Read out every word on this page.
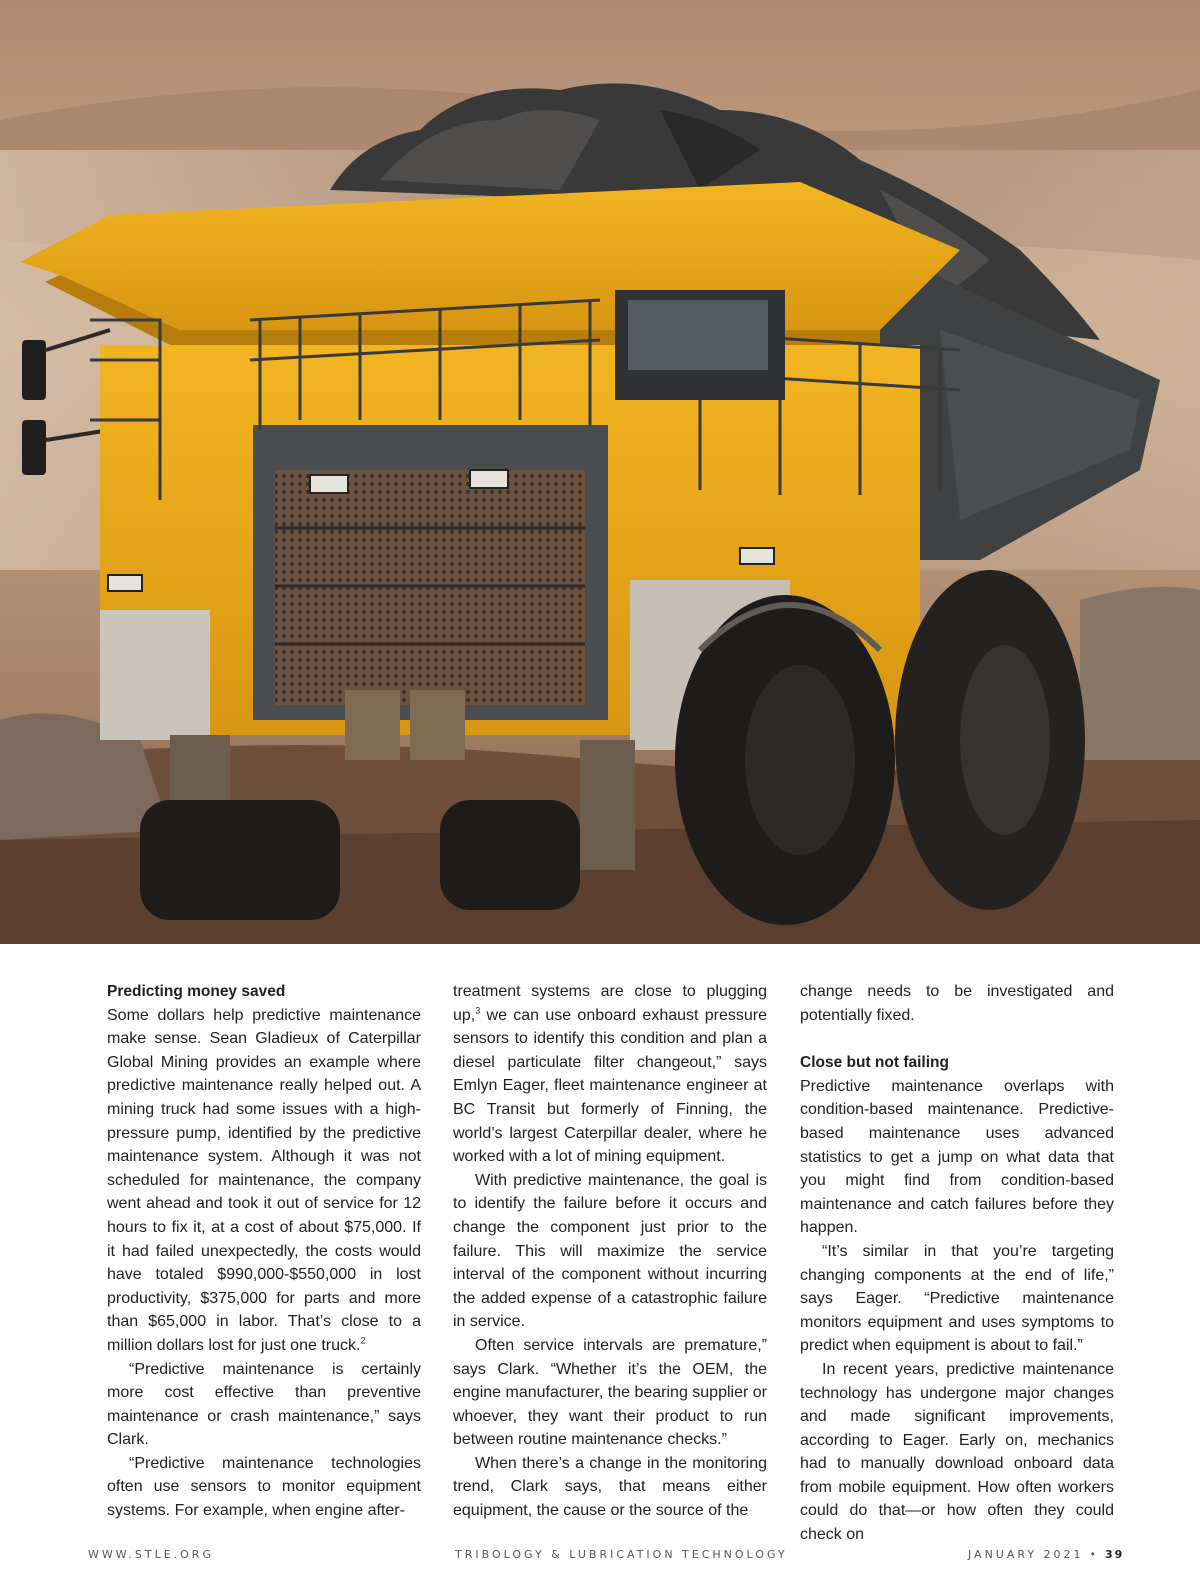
Predicting money saved

Some dollars help predictive maintenance make sense. Sean Gladieux of Caterpillar Global Mining provides an example where predictive maintenance really helped out. A mining truck had some issues with a high-pressure pump, identified by the predictive maintenance system. Although it was not scheduled for maintenance, the company went ahead and took it out of service for 12 hours to fix it, at a cost of about $75,000. If it had failed unexpectedly, the costs would have totaled $990,000-$550,000 in lost productivity, $375,000 for parts and more than $65,000 in labor. That’s close to a million dollars lost for just one truck.$^2$

“Predictive maintenance is certainly more cost effective than preventive maintenance or crash maintenance,” says Clark.

“Predictive maintenance technologies often use sensors to monitor equipment systems. For example, when engine after-

treatment systems are close to plugging up,$^3$ we can use onboard exhaust pressure sensors to identify this condition and plan a diesel particulate filter changeout,” says Emlyn Eager, fleet maintenance engineer at BC Transit but formerly of Finning, the world’s largest Caterpillar dealer, where he worked with a lot of mining equipment.

With predictive maintenance, the goal is to identify the failure before it occurs and change the component just prior to the failure. This will maximize the service interval of the component without incurring the added expense of a catastrophic failure in service.

Often service intervals are premature,” says Clark. “Whether it’s the OEM, the engine manufacturer, the bearing supplier or whoever, they want their product to run between routine maintenance checks.”

When there’s a change in the monitoring trend, Clark says, that means either equipment, the cause or the source of the

change needs to be investigated and potentially fixed.

Close but not failing

Predictive maintenance overlaps with condition-based maintenance. Predictive-based maintenance uses advanced statistics to get a jump on what data that you might find from condition-based maintenance and catch failures before they happen.

“It’s similar in that you’re targeting changing components at the end of life,” says Eager. “Predictive maintenance monitors equipment and uses symptoms to predict when equipment is about to fail.”

In recent years, predictive maintenance technology has undergone major changes and made significant improvements, according to Eager. Early on, mechanics had to manually download onboard data from mobile equipment. How often workers could do that—or how often they could check on

WWW.STLE.ORG	TRIBOLOGY & LUBRICATION TECHNOLOGY	JANUARY 2021 • 39
